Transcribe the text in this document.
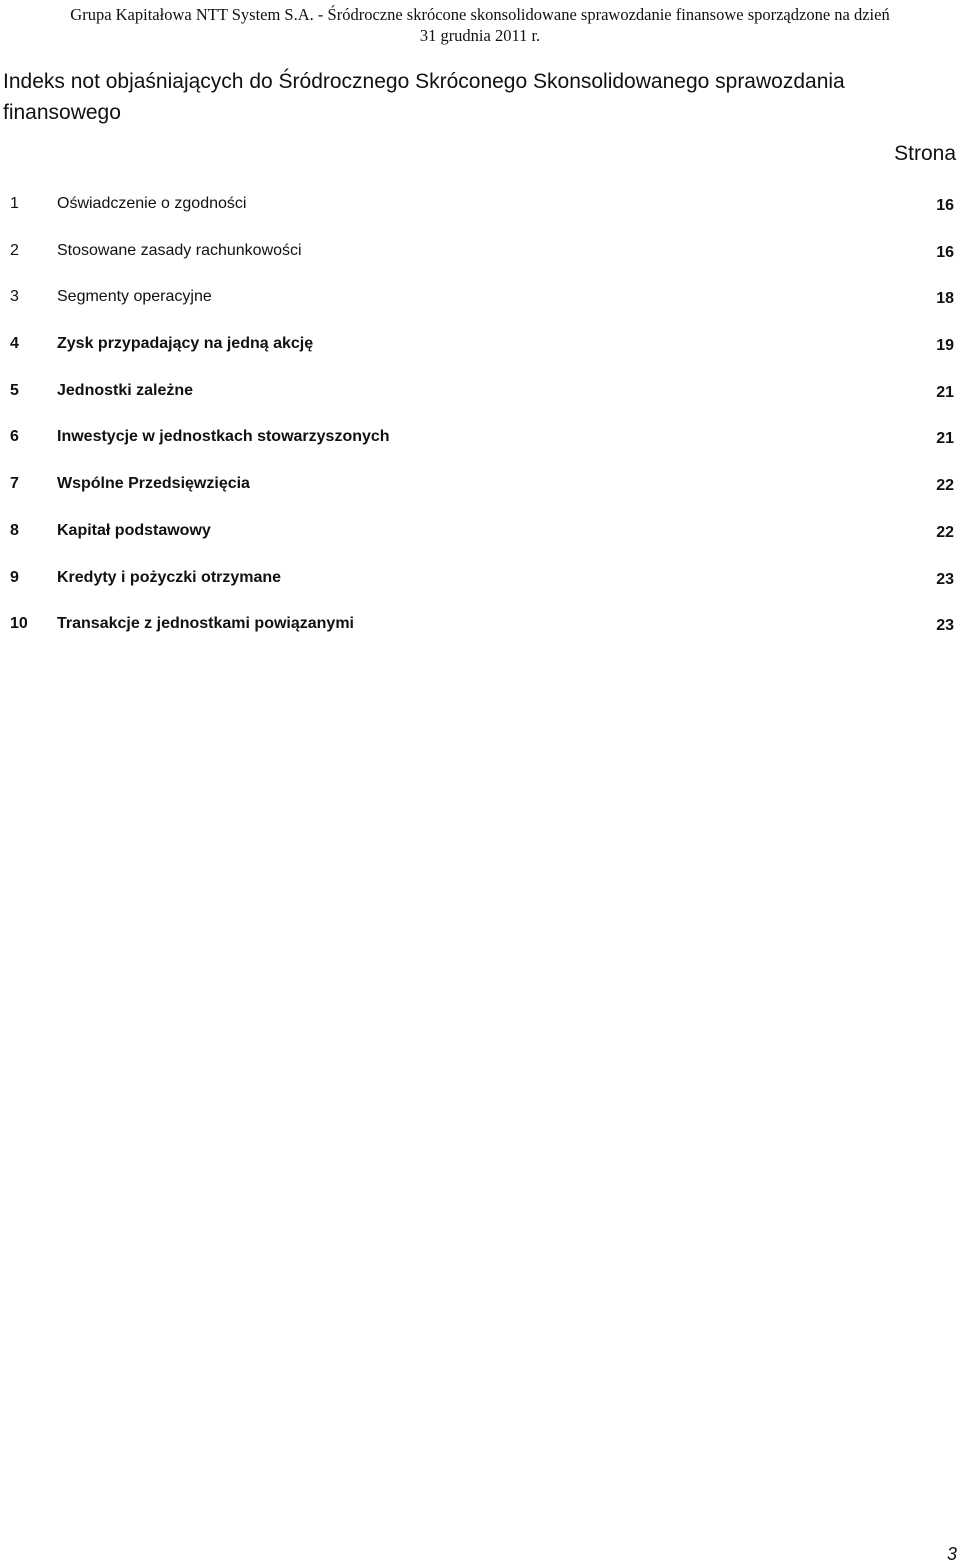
Grupa Kapitałowa NTT System S.A. - Śródroczne skrócone skonsolidowane sprawozdanie finansowe sporządzone na dzień
31 grudnia 2011 r.
Indeks not objaśniających do Śródrocznego Skróconego Skonsolidowanego sprawozdania finansowego
Strona
1 Oświadczenie o zgodności	16
2 Stosowane zasady rachunkowości	16
3 Segmenty operacyjne	18
4 Zysk przypadający na jedną akcję	19
5 Jednostki zależne	21
6 Inwestycje w jednostkach stowarzyszonych	21
7 Wspólne Przedsięwzięcia	22
8 Kapitał podstawowy	22
9 Kredyty i pożyczki otrzymane	23
10 Transakcje z jednostkami powiązanymi	23
3
